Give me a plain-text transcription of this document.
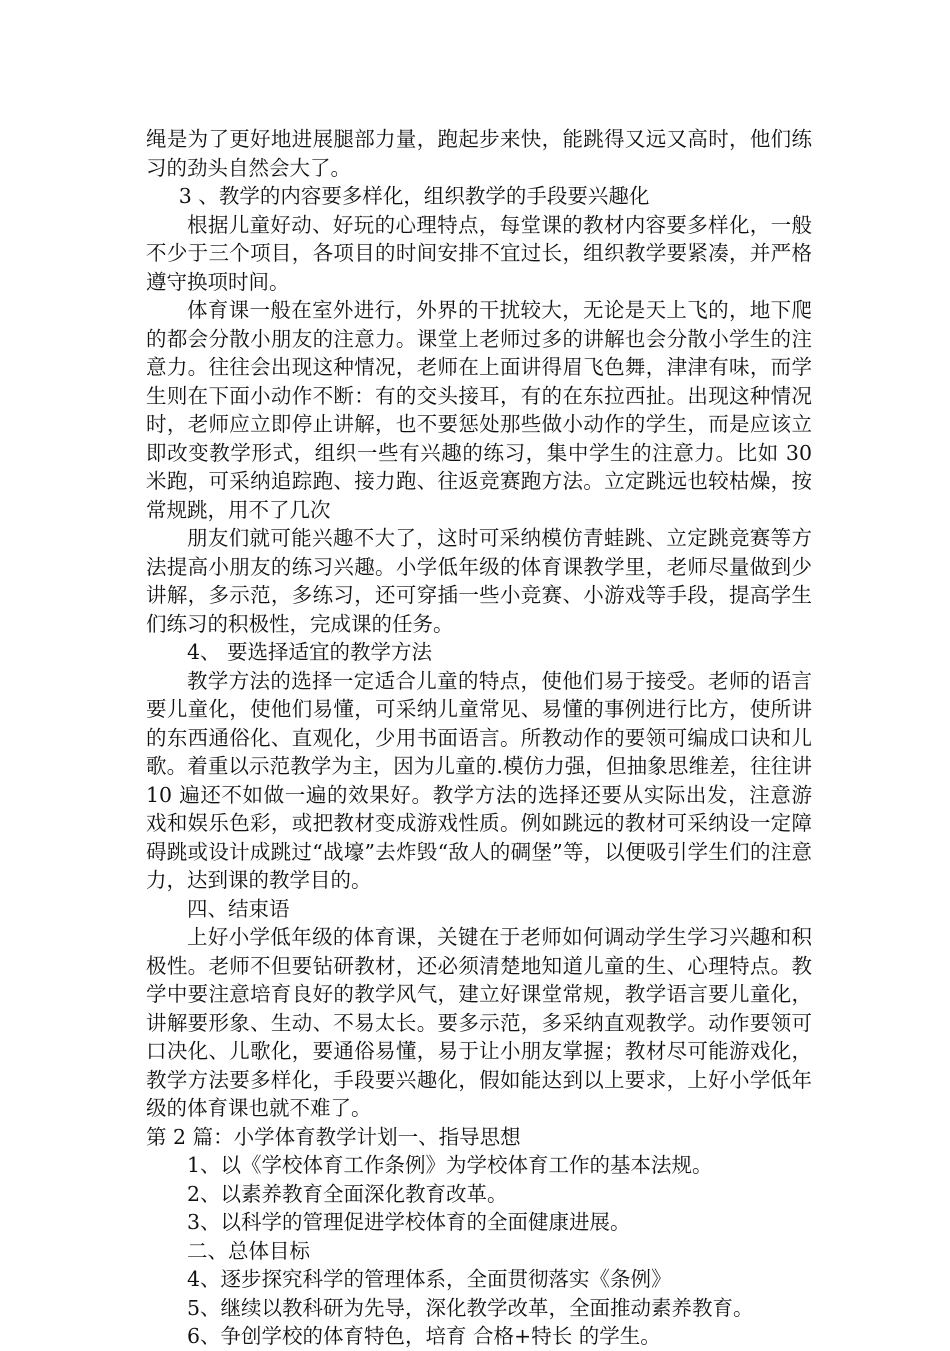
绳是为了更好地进展腿部力量，跑起步来快，能跳得又远又高时，他们练习的劲头自然会大了。

3 、教学的内容要多样化，组织教学的手段要兴趣化

根据儿童好动、好玩的心理特点，每堂课的教材内容要多样化，一般不少于三个项目，各项目的时间安排不宜过长，组织教学要紧凑，并严格遵守换项时间。

体育课一般在室外进行，外界的干扰较大，无论是天上飞的，地下爬的都会分散小朋友的注意力。课堂上老师过多的讲解也会分散小学生的注意力。往往会出现这种情况，老师在上面讲得眉飞色舞，津津有味，而学生则在下面小动作不断：有的交头接耳，有的在东拉西扯。出现这种情况时，老师应立即停止讲解，也不要惩处那些做小动作的学生，而是应该立即改变教学形式，组织一些有兴趣的练习，集中学生的注意力。比如 30 米跑，可采纳追踪跑、接力跑、往返竞赛跑方法。立定跳远也较枯燥，按常规跳，用不了几次

朋友们就可能兴趣不大了，这时可采纳模仿青蛙跳、立定跳竞赛等方法提高小朋友的练习兴趣。小学低年级的体育课教学里，老师尽量做到少讲解，多示范，多练习，还可穿插一些小竞赛、小游戏等手段，提高学生们练习的积极性，完成课的任务。

4、 要选择适宜的教学方法

教学方法的选择一定适合儿童的特点，使他们易于接受。老师的语言要儿童化，使他们易懂，可采纳儿童常见、易懂的事例进行比方，使所讲的东西通俗化、直观化，少用书面语言。所教动作的要领可编成口诀和儿歌。着重以示范教学为主，因为儿童的.模仿力强，但抽象思维差，往往讲 10 遍还不如做一遍的效果好。教学方法的选择还要从实际出发，注意游戏和娱乐色彩，或把教材变成游戏性质。例如跳远的教材可采纳设一定障碍跳或设计成跳过“战壕”去炸毁“敌人的碉堡”等，以便吸引学生们的注意力，达到课的教学目的。

四、结束语

上好小学低年级的体育课，关键在于老师如何调动学生学习兴趣和积极性。老师不但要钻研教材，还必须清楚地知道儿童的生、心理特点。教学中要注意培育良好的教学风气，建立好课堂常规，教学语言要儿童化，讲解要形象、生动、不易太长。要多示范，多采纳直观教学。动作要领可口决化、儿歌化，要通俗易懂，易于让小朋友掌握；教材尽可能游戏化，教学方法要多样化，手段要兴趣化，假如能达到以上要求，上好小学低年级的体育课也就不难了。

第 2 篇：小学体育教学计划一、指导思想

1、以《学校体育工作条例》为学校体育工作的基本法规。

2、以素养教育全面深化教育改革。

3、以科学的管理促进学校体育的全面健康进展。

二、总体目标

4、逐步探究科学的管理体系，全面贯彻落实《条例》

5、继续以教科研为先导，深化教学改革，全面推动素养教育。

6、争创学校的体育特色，培育 合格+特长 的学生。
